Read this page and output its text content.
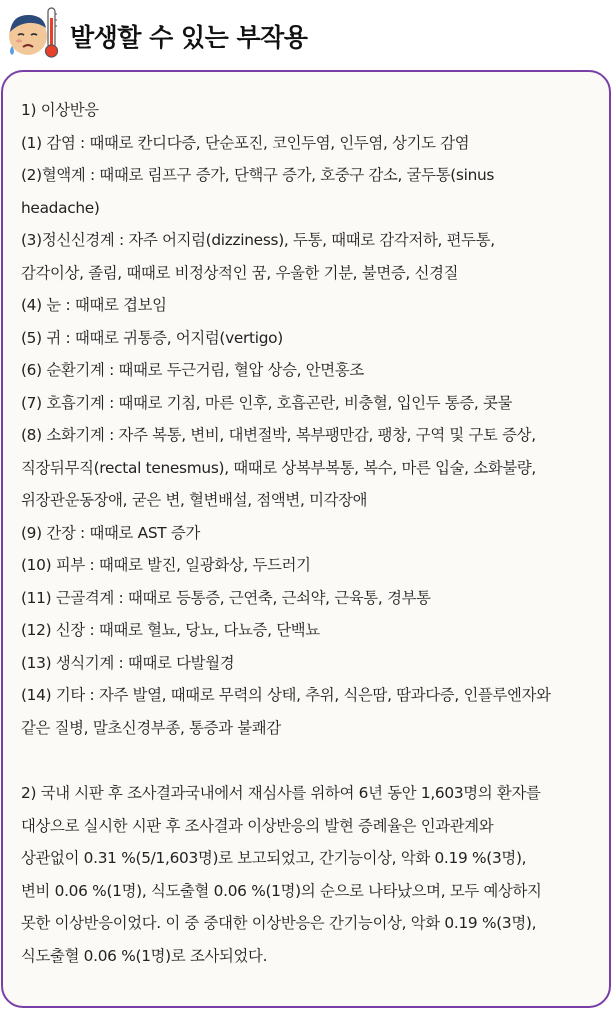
발생할 수 있는 부작용
1) 이상반응
(1) 감염 : 때때로 칸디다증, 단순포진, 코인두염, 인두염, 상기도 감염
(2)혈액계 : 때때로 림프구 증가, 단핵구 증가, 호중구 감소, 굴두통(sinus
headache)
(3)정신신경계 : 자주 어지럼(dizziness), 두통, 때때로 감각저하, 편두통,
감각이상, 졸림, 때때로 비정상적인 꿈, 우울한 기분, 불면증, 신경질
(4) 눈 : 때때로 겹보임
(5) 귀 : 때때로 귀통증, 어지럼(vertigo)
(6) 순환기계 : 때때로 두근거림, 혈압 상승, 안면홍조
(7) 호흡기계 : 때때로 기침, 마른 인후, 호흡곤란, 비충혈, 입인두 통증, 콧물
(8) 소화기계 : 자주 복통, 변비, 대변절박, 복부팽만감, 팽창, 구역 및 구토 증상,
직장뒤무직(rectal tenesmus), 때때로 상복부복통, 복수, 마른 입술, 소화불량,
위장관운동장애, 굳은 변, 혈변배설, 점액변, 미각장애
(9) 간장 : 때때로 AST 증가
(10) 피부 : 때때로 발진, 일광화상, 두드러기
(11) 근골격계 : 때때로 등통증, 근연축, 근쇠약, 근육통, 경부통
(12) 신장 : 때때로 혈뇨, 당뇨, 다뇨증, 단백뇨
(13) 생식기계 : 때때로 다발월경
(14) 기타 : 자주 발열, 때때로 무력의 상태, 추위, 식은땀, 땀과다증, 인플루엔자와
같은 질병, 말초신경부종, 통증과 불쾌감
2) 국내 시판 후 조사결과국내에서 재심사를 위하여 6년 동안 1,603명의 환자를
대상으로 실시한 시판 후 조사결과 이상반응의 발현 증례율은 인과관계와
상관없이 0.31 %(5/1,603명)로 보고되었고, 간기능이상, 악화 0.19 %(3명),
변비 0.06 %(1명), 식도출혈 0.06 %(1명)의 순으로 나타났으며, 모두 예상하지
못한 이상반응이었다. 이 중 중대한 이상반응은 간기능이상, 악화 0.19 %(3명),
식도출혈 0.06 %(1명)로 조사되었다.
